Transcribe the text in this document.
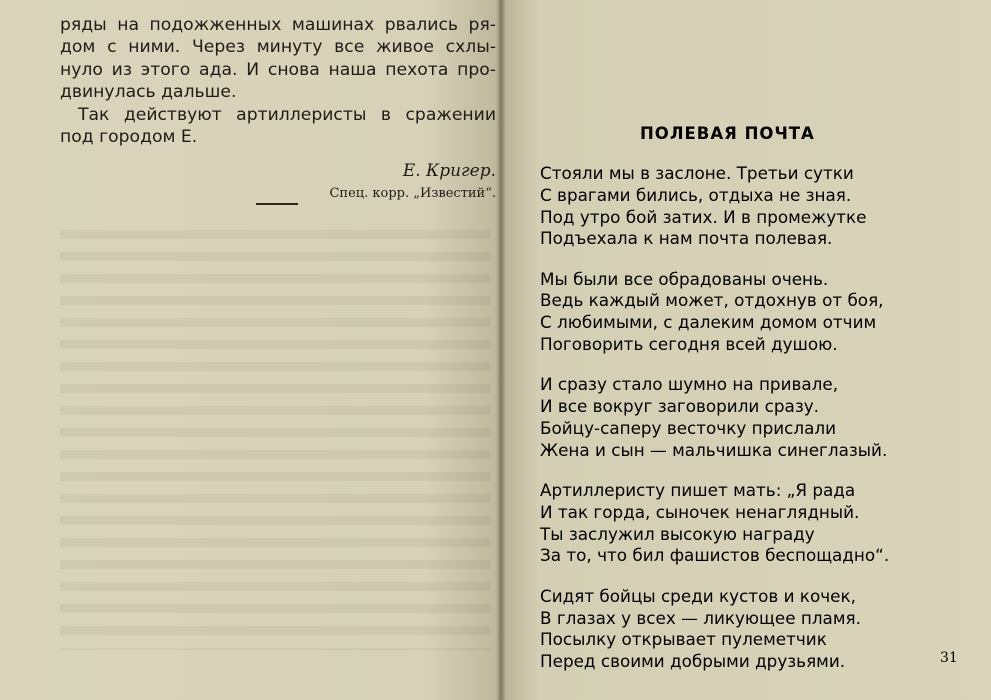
ряды на подожженных машинах рвались ря-
дом с ними. Через минуту все живое схлы-
нуло из этого ада. И снова наша пехота про-
двинулась дальше.

Так действуют артиллеристы в сражении
под городом Е.

Е. Кригер.
Спец. корр. „Известий“.
ПОЛЕВАЯ ПОЧТА
Стояли мы в заслоне. Третьи сутки
С врагами бились, отдыха не зная.
Под утро бой затих. И в промежутке
Подъехала к нам почта полевая.
Мы были все обрадованы очень.
Ведь каждый может, отдохнув от боя,
С любимыми, с далеким домом отчим
Поговорить сегодня всей душою.
И сразу стало шумно на привале,
И все вокруг заговорили сразу.
Бойцу-саперу весточку прислали
Жена и сын — мальчишка синеглазый.
Артиллеристу пишет мать: „Я рада
И так горда, сыночек ненаглядный.
Ты заслужил высокую награду
За то, что бил фашистов беспощадно“.
Сидят бойцы среди кустов и кочек,
В глазах у всех — ликующее пламя.
Посылку открывает пулеметчик
Перед своими добрыми друзьями.	31
